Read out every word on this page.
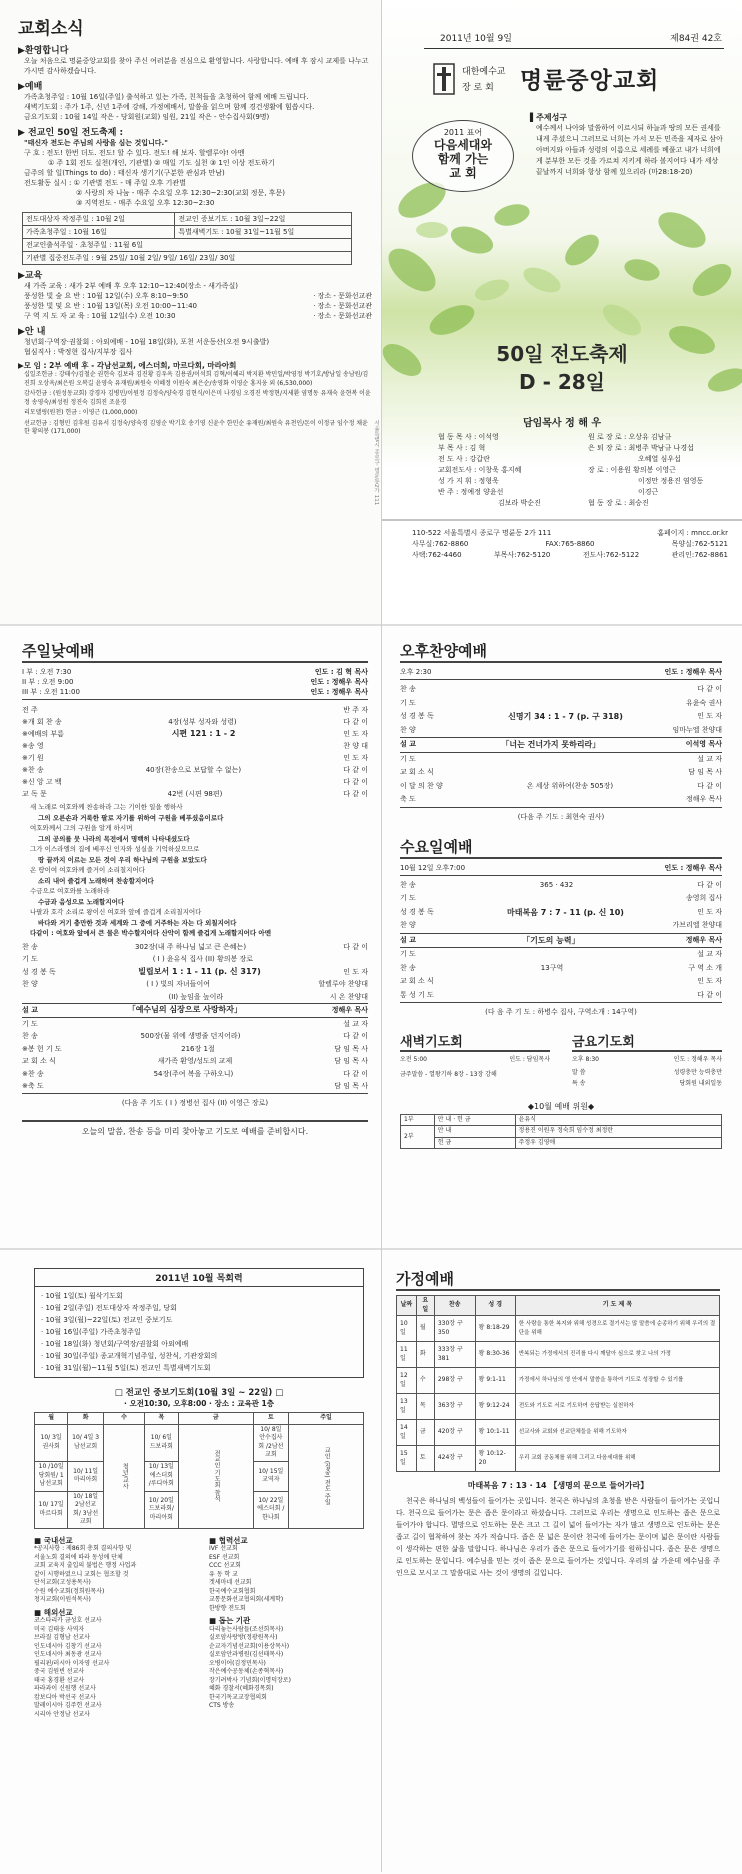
교회소식
▶환영합니다
오늘 처음으로 명륜중앙교회를 찾아 주신 여러분을 진심으로 환영합니다. 사랑합니다. 예배 후 잠시 교제를 나누고 가시면 감사하겠습니다.
▶예배
가족초청주일 : 10월 16일(주일) 출석하고 있는 가족, 친척들을 초청하여 함께 예배 드립니다.
새벽기도회 : 주가 1주, 신년 1주에 강해, 가정예배서, 말씀을 읽으며 함께 경건생활에 힘씁시다.
금요기도회 : 10월 14일 작은 - 당회원(교회) 임원, 21일 작은 - 안수집사회(9명)
▶ 전교인 50일 전도축제 :
"태신자 전도는 주님의 사랑을 심는 것입니다."
구 호 : 전도! 한번 더도. 전도! 할 수 있다. 전도! 해 보자. 할렐루야! 아멘
① 주 1회 전도 실천(개인, 기관별) ② 매일 기도 실천 ③ 1인 이상 전도하기
금주의 할 일(Things to do) : 태신자 생기기(구분한 관심과 만남)
전도활동 실시 : ① 기관별 전도 - 매 주일 오후 기관별
② 사랑의 차 나눔 - 매주 수요일 오후 12:30~2:30(교회 정문, 후문)
③ 지역전도 - 매주 수요일 오후 12:30~2:30
전도대상자 작정주일 : 10월 2일	전교인 증보기도 : 10월 3일~22일
가족초청주일 : 10월 16일	특별새벽기도 : 10월 31일~11월 5일
전교인출석주일 · 초청주일 : 11월 6일	
기관별 집중전도주일 : 9월 25일/ 10월 2일/ 9일/ 16일/ 23일/ 30일	
▶교육
새 가족 교육 : 새가 2부 예배 후 오후 12:10~12:40(장소 - 새가족실)
풍성한 빛 숲 요 반 : 10월 12일(수) 오후 8:10~9:50	· 장소 - 문화선교관
풍성한 빛 및 요 반 : 10월 13일(목) 오전 10:00~11:40	· 장소 - 문화선교관
구 역 지 도 자 교 육 : 10월 12일(수) 오전 10:30	· 장소 - 문화선교관
▶안 내
청년회·구역장·권찰회 : 아외예배 - 10월 18일(화), 포천 서운동산(오전 9시출발)
협심직사 : 박정현 집사/지부장 집사
▶모 임 : 2부 예배 후 - 각남선교회, 에스더회, 마르다회, 마라아회
십일조헌금 : 강태수/김철순 권헌숙 김보라 김진황 김우옥 김용권/이석희 김혁/이혜리 박지환 박민일/박영정 박기호/방남일 송남원/김진희 오상옥/최은원 오복길 윤영숙 유재원/최원숙 이혜정 이원숙 최은순/송영화 이영순 홍지웅 외 (6,530,000)
감사헌금 : (원성동교회) 강경자 김병민/이원정 김정숙/양숙경 김현식/이은미 나경임 오경진 박정현/지세환 염명동 유재숙 윤현복 이윤정 송영숙/최성원 정진숙 김희진 조윤경
리모델링(원천) 헌금 : 이영근 (1,000,000)
선교헌금 : 김형민 김후원 김유서 김정숙/양숙경 김영순 박기호 송기영 신윤수 한민순 유재원/최원숙 유천인/돈이 이정규 임수정 채윤한 황의봉 (171,000)	서울특별시 종로구 명륜동2가 111
2011년 10월 9일	제84권 42호
대한예수교
장 로 회 명륜중앙교회
2011 표어
다음세대와
함께 가는
교 회
▌주제성구
예수께서 나아와 말씀하여 이르시되 하늘과 땅의 모든 권세를 내게 주셨으니 그러므로 너희는 가서 모든 민족을 제자로 삼아 아버지와 아들과 성령의 이름으로 세례를 베풀고 내가 너희에게 분부한 모든 것을 가르쳐 지키게 하라 볼지어다 내가 세상 끝날까지 너희와 항상 함께 있으리라 (마28:18-20)
50일 전도축제
D - 28일
담임목사 정 해 우
협 동 목 사 : 이석영	원 로 장 로 : 오상유 김남규
부 목 사 : 김 혁	은 퇴 장 로 : 최병주 박남규 나경섭
전 도 사 : 강갑란	오혜열 심우섭
교회전도사 : 이창욱 홍지혜	장 로 : 이용원 황의봉 이영근
성 가 지 휘 : 정형욱	이정만 정용진 염영동
반 주 : 정예정 양윤선	이경근
김보라 박순진	협 동 장 로 : 최승진
110-522 서울특별시 종로구 명륜동 2가 111	홈페이지 : mncc.or.kr
사무실:762-8860	FAX:765-8860	목양실:762-5121
사택:762-4460	부목사:762-5120	전도사:762-5122	관리인:762-8861
주일낮예배
I 부 : 오전 7:30	인도 : 김 혁 목사
II 부 : 오전 9:00	인도 : 정해우 목사
III 부 : 오전 11:00	인도 : 정해우 목사
전 주	반 주 자
※개 회 찬 송	4장(성부 성자와 성령)	다 같 이
※예배의 부름	시편 121 : 1 - 2	인 도 자
※송 영	찬 양 대
※기 원	인 도 자
※찬 송	40장(찬송으로 보답할 수 없는)	다 같 이
※신 앙 고 백	다 같 이
교 독 문	42번 (시편 98편)	다 같 이
새 노래로 여호와께 찬송하라 그는 기이한 일을 행하사
그의 오른손과 거룩한 팔로 자기를 위하여 구원을 베푸셨음이로다
여호와께서 그의 구원을 알게 하시며
그의 공의를 뭇 나라의 목전에서 명백히 나타내셨도다
그가 이스라엘의 집에 베푸신 인자와 성실을 기억하셨으므로
땅 끝까지 이르는 모든 것이 우리 하나님의 구원을 보았도다
온 땅이여 여호와께 즐거이 소리칠지어다
소리 내어 즐겁게 노래하며 찬송할지어다
수금으로 여호와를 노래하라
수금과 음성으로 노래할지어다
나팔과 호각 소리로 왕이신 여호와 앞에 즐겁게 소리칠지어다
바다와 거기 충만한 것과 세계와 그 중에 거주하는 자는 다 외칠지어다
다같이 : 여호와 앞에서 큰 물은 박수할지어다 산악이 함께 즐겁게 노래할지어다 아멘
찬 송	302장(내 주 하나님 넓고 큰 은혜는)	다 같 이
기 도	( I ) 윤유식 집사 (II) 황의봉 장로
성 경 봉 독	빌립보서 1 : 1 - 11 (p. 신 317)	인 도 자
찬 양	( I ) 빛의 자녀들이여	할렐루야 찬양대
(II) 높임을 높이라	시 온 찬양대
설 교	「예수님의 심장으로 사랑하자」	정해우 목사
기 도	설 교 자
찬 송	500장(물 위에 생명줄 던지어라)	다 같 이
※봉 헌 기 도	216장 1절	담 임 목 사
교 회 소 식	새가족 환영/성도의 교제	담 임 목 사
※찬 송	54장(주여 복을 구하오니)	다 같 이
※축 도	담 임 목 사
(다음 주 기도 ( I ) 정병선 집사 (II) 이영근 장로)
오늘의 말씀, 찬송 등을 미리 찾아놓고 기도로 예배를 준비합시다.
오후찬양예배
오후 2:30	인도 : 정해우 목사
찬 송	다 같 이
기 도	유윤숙 권사
성 경 봉 독	신명기 34 : 1 - 7 (p. 구 318)	인 도 자
찬 양	임마누엘 찬양대
설 교	「너는 건너가지 못하리라」	이석영 목사
기 도	설 교 자
교 회 소 식	담 임 목 사
이 달 의 찬 양	온 세상 위하여(찬송 505장)	다 같 이
축 도	정해우 목사
(다음 주 기도 : 최현숙 권사)
수요일예배
10월 12일 오후7:00	인도 : 정해우 목사
찬 송	365 · 432	다 같 이
기 도	송영희 집사
성 경 봉 독	마태복음 7 : 7 - 11 (p. 신 10)	인 도 자
찬 양	가브리엘 찬양대
설 교	「기도의 능력」	정해우 목사
기 도	설 교 자
찬 송	13구역	구 역 소 개
교 회 소 식	인 도 자
통 성 기 도	다 같 이
(다 음 주 기 도 : 하병수 집사, 구역소개 : 14구역)
새벽기도회
오전 5:00	인도 : 담임목사
금주말씀 - 열왕기하 8장 - 13장 강해
금요기도회
오후 8:30	인도 : 정해우 목사
말 씀	성령충만 능력충만
특 송	당회원 내외일동
◆10월 예배 위원◆
1부	안 내 · 헌 금	윤유식
2부	안 내	정용진 이원우 정숙희 임수정 최정란
	헌 금	주정우 김영애
2011년 10월 목회력
· 10월 1일(토) 월삭기도회
· 10월 2일(주일) 전도대상자 작정주일, 당회
· 10월 3일(월)~22일(토) 전교인 중보기도
· 10월 16일(주일) 가족초청주일
· 10월 18일(화) 청년회/구역장/권찰회 아외예배
· 10월 30일(주일) 종교개혁기념주일, 성찬식, 기관장회의
· 10월 31일(월)~11월 5일(토) 전교인 특별새벽기도회
□ 전교인 중보기도회(10월 3일 ~ 22일) □
· 오전10:30, 오후8:00 · 장소 : 교육관 1층
월	화	수	목	금	토	주일
10/ 3일 권사회	10/ 4일 3남선교회	청년/교사	10/ 6일 드보라회	전교인 기도회 참석	10/ 8일 안수집사회 /2남선교회	교인 (집중) 전도 주일
10 /10일 당회원/ 1남선교회	10/ 11일 마리아회		10/ 13일 에스더회 /루디아회		10/ 15일 교역자	
10/ 17일 마르다회	10/ 18일 2남선교회/ 3남선교회		10/ 20일 드보라회/ 마리아회		10/ 22일 에스더회 /한나회	
■ 국내선교
*공지사항 : 제86회 총회 결의사항 및
서울노회 결의에 따라 동성애 단체
교회 교육지 출입의 불법은 행정 사업과
같이 시행하였으니 교회는 협조할 것
단석교회(고성용목사)
수원 예수교회(정희원목사)
청지교회(이원석목사)
■ 해외선교
코스타리카 금성호 선교사
미국 김태웅 사역자
브라질 김형남 선교사
인도네시아 김창기 선교사
인도네시아 최동광 선교사
필리핀/러시아 이자영 선교사
중국 김원빈 선교사
태국 홍경환 선교사
파라과이 신원행 선교사
캄보디아 박선국 선교사
말레이시아 김주헌 선교사
시리아 안정남 선교사
■ 협력선교
IVF 선교회
ESF 선교회
CCC 선교회
유 동 학 교
겟세마네 선교회
한국예수교회협회
교통문화선교협의회(세계학)
한방향 전도회
■ 돕는 기관
다리놓는사람들(조선희목사)
실로암사랑방(정광원목사)
순교자기념선교회(이용상목사)
실로암안과병원(김선태목사)
오병이어(김정민목사)
작은예수공동체(손종혁목사)
장기려박사 기념회(이명덕장로)
혜화 경찰서(혜화경목회)
한국기독교교장협의회
CTS 방송
가정예배
날짜	요일	찬송	성 경	기 도 제 목
10일	월	330장 구350	왕 8:18-29	한 사람을 통한 복지와 위해 성경으로 결기서는 많 말씀에 순종하기 위해 우리의 결단을 위해
11일	화	333장 구381	왕 8:30-36	반복되는 가정에서의 진리를 다시 깨달아 심으로 찾고 나의 가정
12일	수	298장 구	왕 9:1-11	가정에서 하나님의 영 안에서 말씀을 통하여 기도로 성장할 수 있기를
13일	목	363장 구	왕 9:12-24	전도와 기도로 서로 기도하여 응답받는 실천하자
14일	금	420장 구	왕 10:1-11	선교사와 교회와 선교단체들을 위해 기도하자
15일	토	424장 구	왕 10:12-20	우리 교회 공동체를 위해 그리고 다음세대를 위해
마태복음 7 : 13 · 14 【생명의 문으로 들어가라】
천국은 하나님의 백성들이 들어가는 곳입니다. 천국은 하나님의 초청을 받은 사람들이 들어가는 곳입니다. 천국으로 들어가는 문은 좁은 문이라고 하셨습니다. 그러므로 우리는 생명으로 인도하는 좁은 문으로 들어가야 합니다. 멸망으로 인도하는 문은 크고 그 길이 넓어 들어가는 자가 많고 생명으로 인도하는 문은 좁고 길이 협착하여 찾는 자가 적습니다. 좁은 문 넓은 문이란 천국에 들어가는 문이며 넓은 문이란 사람들이 생각하는 편한 삶을 말합니다. 하나님은 우리가 좁은 문으로 들어가기를 원하십니다. 좁은 문은 생명으로 인도하는 문입니다. 예수님을 믿는 것이 좁은 문으로 들어가는 것입니다. 우리의 삶 가운데 예수님을 주인으로 모시고 그 말씀대로 사는 것이 생명의 길입니다.
